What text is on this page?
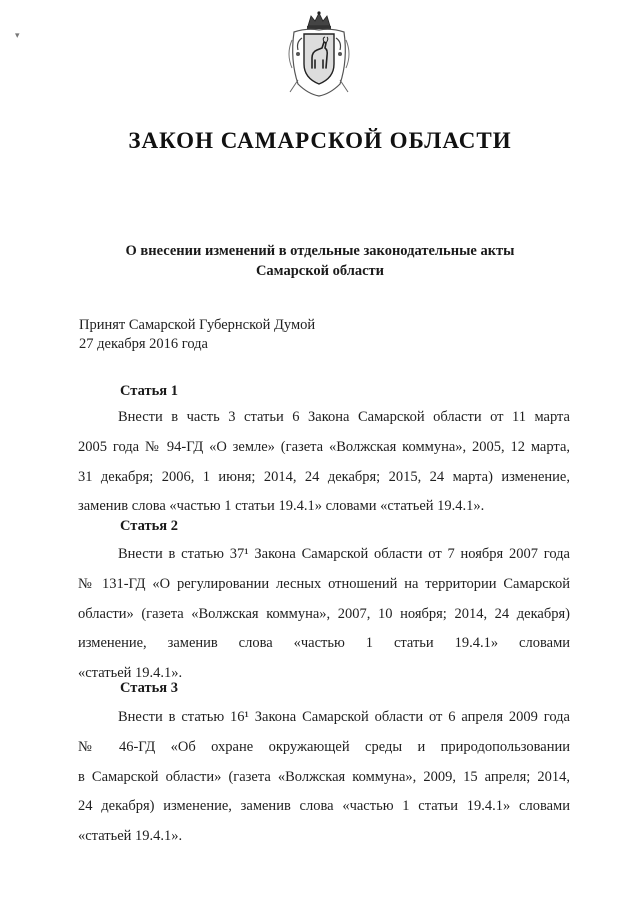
▾
ЗАКОН САМАРСКОЙ ОБЛАСТИ
О внесении изменений в отдельные законодательные акты
Самарской области
Принят Самарской Губернской Думой
27 декабря 2016 года
Статья 1
Внести в часть 3 статьи 6 Закона Самарской области от 11 марта
2005 года № 94-ГД «О земле» (газета «Волжская коммуна», 2005, 12 марта,
31 декабря; 2006, 1 июня; 2014, 24 декабря; 2015, 24 марта) изменение,
заменив слова «частью 1 статьи 19.4.1» словами «статьей 19.4.1».
Статья 2
Внести в статью 37¹ Закона Самарской области от 7 ноября 2007 года
№ 131-ГД «О регулировании лесных отношений на территории Самарской
области» (газета «Волжская коммуна», 2007, 10 ноября; 2014, 24 декабря)
изменение, заменив слова «частью 1 статьи 19.4.1» словами
«статьей 19.4.1».
Статья 3
Внести в статью 16¹ Закона Самарской области от 6 апреля 2009 года
№ 46-ГД «Об охране окружающей среды и природопользовании
в Самарской области» (газета «Волжская коммуна», 2009, 15 апреля; 2014,
24 декабря) изменение, заменив слова «частью 1 статьи 19.4.1» словами
«статьей 19.4.1».
